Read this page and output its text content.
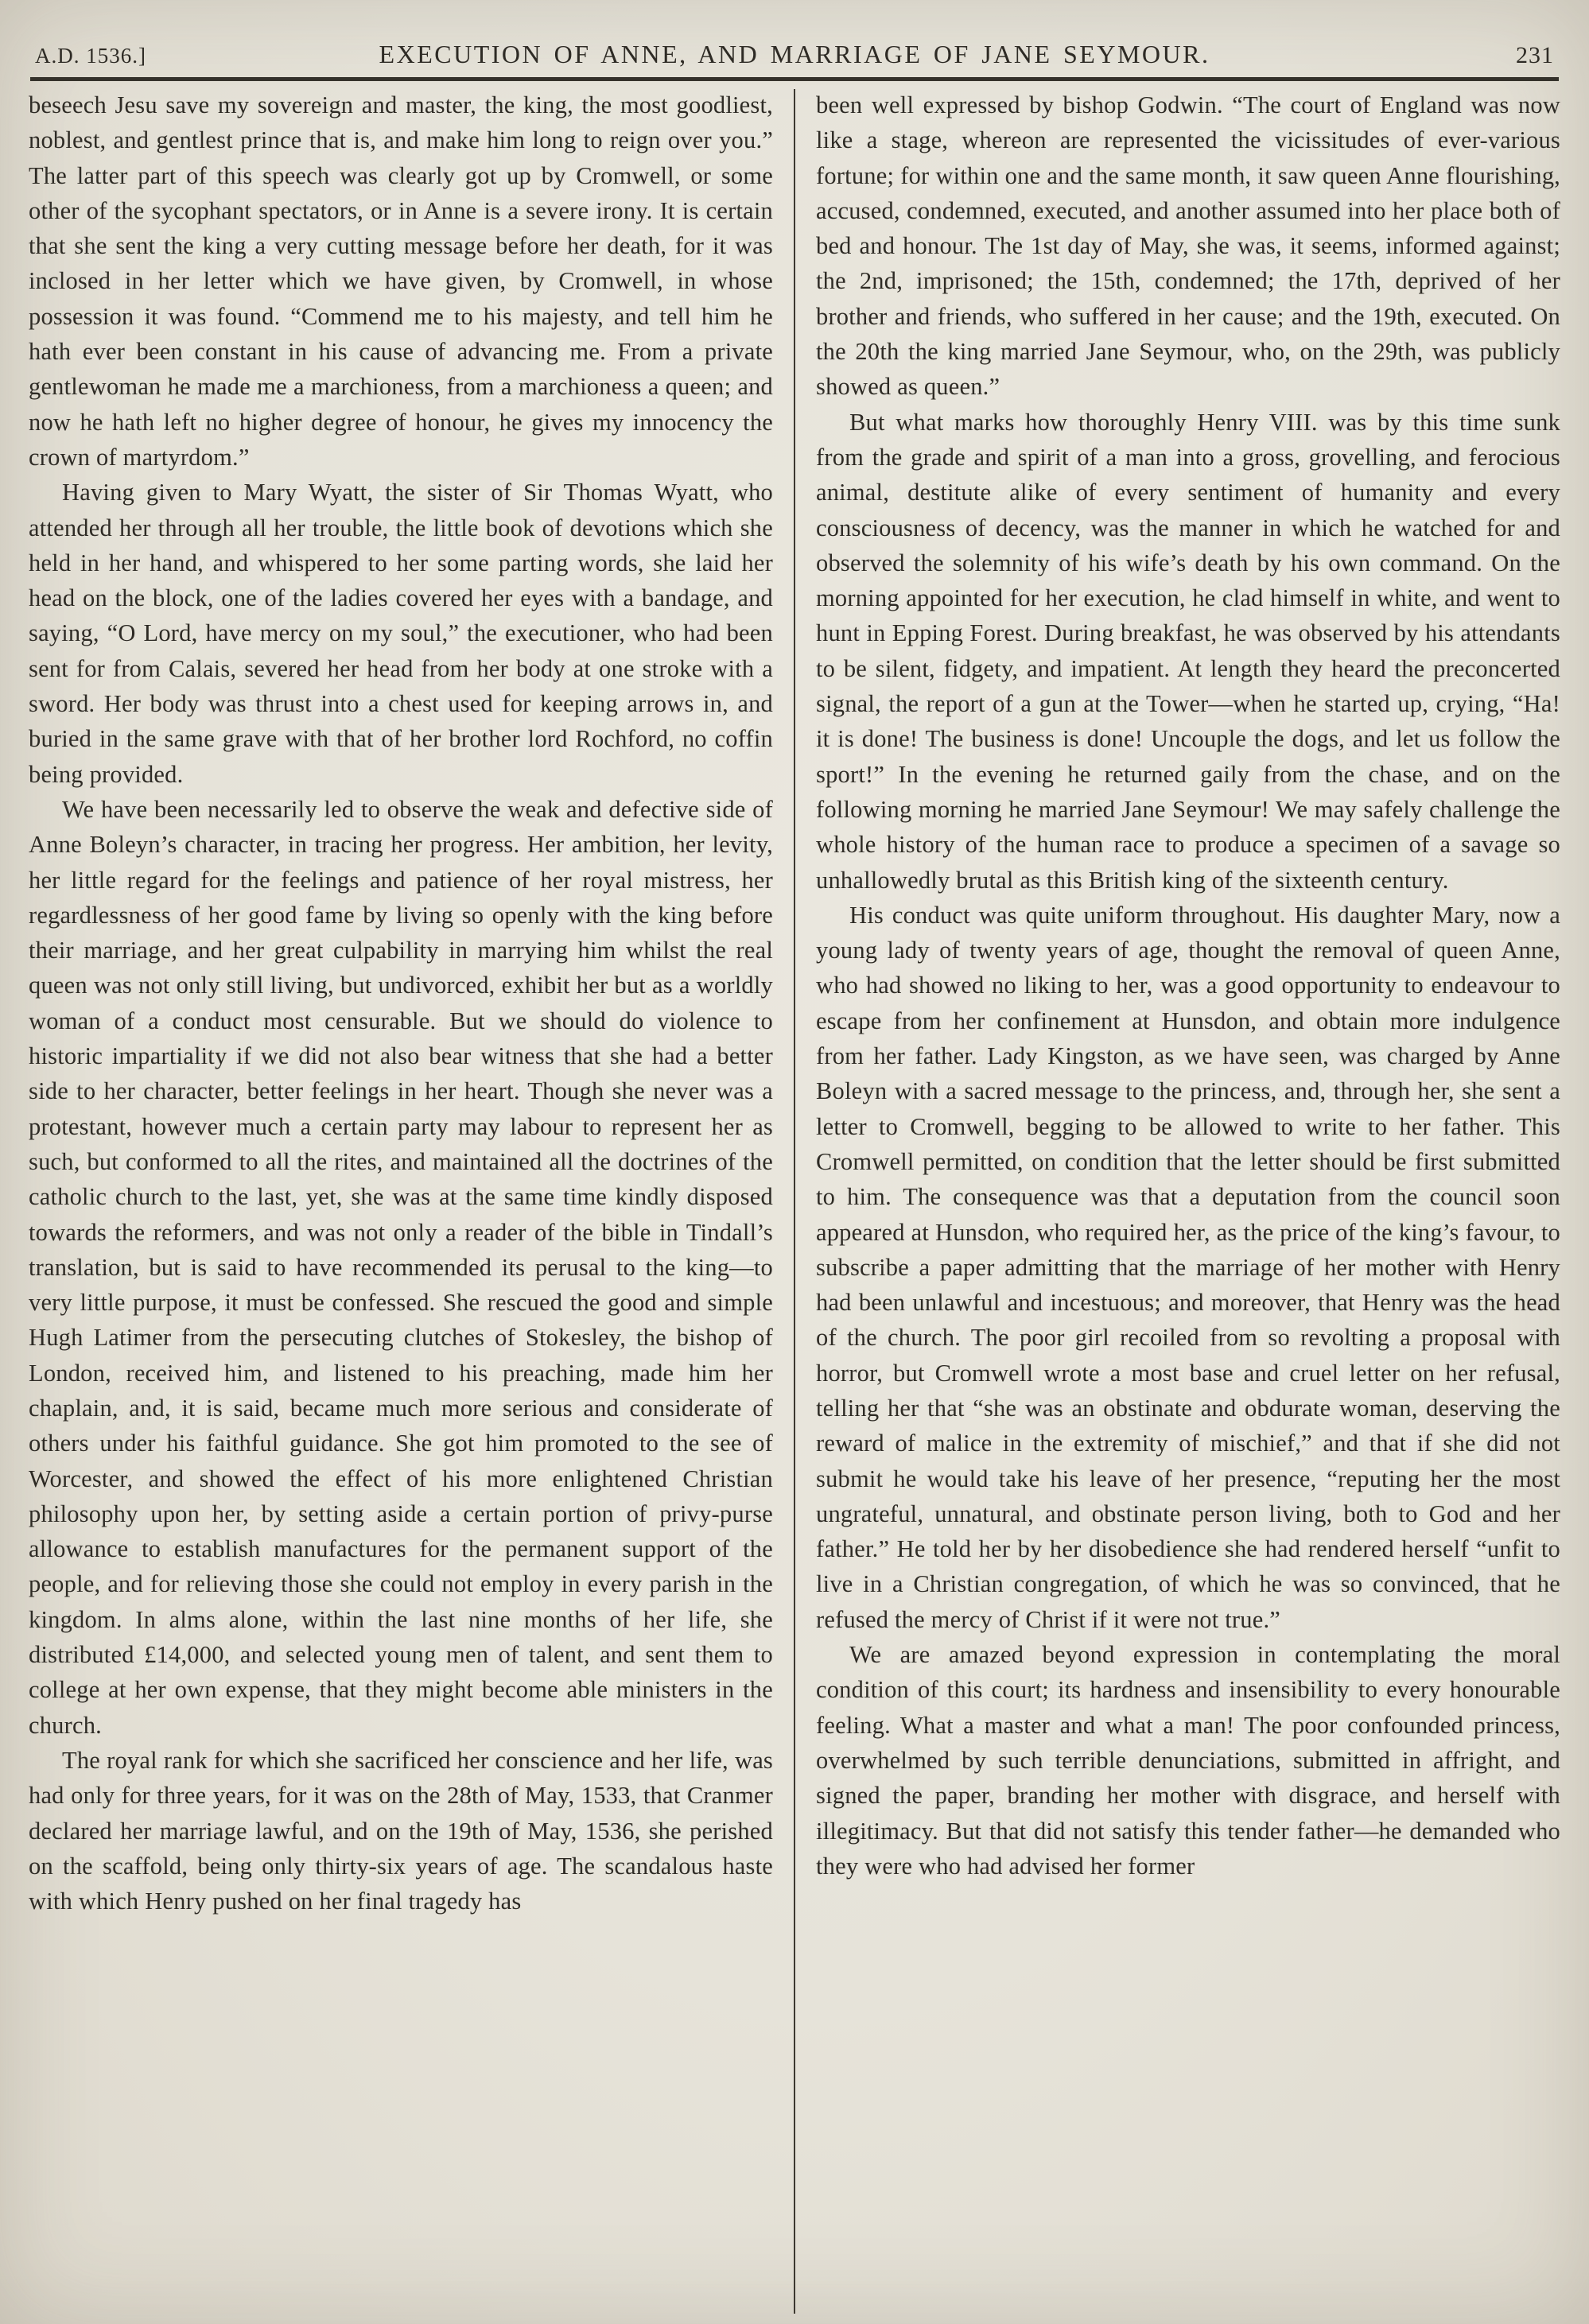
A.D. 1536.]	EXECUTION OF ANNE, AND MARRIAGE OF JANE SEYMOUR.	231

beseech Jesu save my sovereign and master, the king, the most goodliest, noblest, and gentlest prince that is, and make him long to reign over you.” The latter part of this speech was clearly got up by Cromwell, or some other of the sycophant spectators, or in Anne is a severe irony. It is certain that she sent the king a very cutting message before her death, for it was inclosed in her letter which we have given, by Cromwell, in whose possession it was found. “Commend me to his majesty, and tell him he hath ever been constant in his cause of advancing me. From a private gentlewoman he made me a marchioness, from a marchioness a queen; and now he hath left no higher degree of honour, he gives my innocency the crown of martyrdom.”

Having given to Mary Wyatt, the sister of Sir Thomas Wyatt, who attended her through all her trouble, the little book of devotions which she held in her hand, and whispered to her some parting words, she laid her head on the block, one of the ladies covered her eyes with a bandage, and saying, “O Lord, have mercy on my soul,” the executioner, who had been sent for from Calais, severed her head from her body at one stroke with a sword. Her body was thrust into a chest used for keeping arrows in, and buried in the same grave with that of her brother lord Rochford, no coffin being provided.

We have been necessarily led to observe the weak and defective side of Anne Boleyn’s character, in tracing her progress. Her ambition, her levity, her little regard for the feelings and patience of her royal mistress, her regardlessness of her good fame by living so openly with the king before their marriage, and her great culpability in marrying him whilst the real queen was not only still living, but undivorced, exhibit her but as a worldly woman of a conduct most censurable. But we should do violence to historic impartiality if we did not also bear witness that she had a better side to her character, better feelings in her heart. Though she never was a protestant, however much a certain party may labour to represent her as such, but conformed to all the rites, and maintained all the doctrines of the catholic church to the last, yet, she was at the same time kindly disposed towards the reformers, and was not only a reader of the bible in Tindall’s translation, but is said to have recommended its perusal to the king—to very little purpose, it must be confessed. She rescued the good and simple Hugh Latimer from the persecuting clutches of Stokesley, the bishop of London, received him, and listened to his preaching, made him her chaplain, and, it is said, became much more serious and considerate of others under his faithful guidance. She got him promoted to the see of Worcester, and showed the effect of his more enlightened Christian philosophy upon her, by setting aside a certain portion of privy-purse allowance to establish manufactures for the permanent support of the people, and for relieving those she could not employ in every parish in the kingdom. In alms alone, within the last nine months of her life, she distributed £14,000, and selected young men of talent, and sent them to college at her own expense, that they might become able ministers in the church.

The royal rank for which she sacrificed her conscience and her life, was had only for three years, for it was on the 28th of May, 1533, that Cranmer declared her marriage lawful, and on the 19th of May, 1536, she perished on the scaffold, being only thirty-six years of age. The scandalous haste with which Henry pushed on her final tragedy has

been well expressed by bishop Godwin. “The court of England was now like a stage, whereon are represented the vicissitudes of ever-various fortune; for within one and the same month, it saw queen Anne flourishing, accused, condemned, executed, and another assumed into her place both of bed and honour. The 1st day of May, she was, it seems, informed against; the 2nd, imprisoned; the 15th, condemned; the 17th, deprived of her brother and friends, who suffered in her cause; and the 19th, executed. On the 20th the king married Jane Seymour, who, on the 29th, was publicly showed as queen.”

But what marks how thoroughly Henry VIII. was by this time sunk from the grade and spirit of a man into a gross, grovelling, and ferocious animal, destitute alike of every sentiment of humanity and every consciousness of decency, was the manner in which he watched for and observed the solemnity of his wife’s death by his own command. On the morning appointed for her execution, he clad himself in white, and went to hunt in Epping Forest. During breakfast, he was observed by his attendants to be silent, fidgety, and impatient. At length they heard the preconcerted signal, the report of a gun at the Tower—when he started up, crying, “Ha! it is done! The business is done! Uncouple the dogs, and let us follow the sport!” In the evening he returned gaily from the chase, and on the following morning he married Jane Seymour! We may safely challenge the whole history of the human race to produce a specimen of a savage so unhallowedly brutal as this British king of the sixteenth century.

His conduct was quite uniform throughout. His daughter Mary, now a young lady of twenty years of age, thought the removal of queen Anne, who had showed no liking to her, was a good opportunity to endeavour to escape from her confinement at Hunsdon, and obtain more indulgence from her father. Lady Kingston, as we have seen, was charged by Anne Boleyn with a sacred message to the princess, and, through her, she sent a letter to Cromwell, begging to be allowed to write to her father. This Cromwell permitted, on condition that the letter should be first submitted to him. The consequence was that a deputation from the council soon appeared at Hunsdon, who required her, as the price of the king’s favour, to subscribe a paper admitting that the marriage of her mother with Henry had been unlawful and incestuous; and moreover, that Henry was the head of the church. The poor girl recoiled from so revolting a proposal with horror, but Cromwell wrote a most base and cruel letter on her refusal, telling her that “she was an obstinate and obdurate woman, deserving the reward of malice in the extremity of mischief,” and that if she did not submit he would take his leave of her presence, “reputing her the most ungrateful, unnatural, and obstinate person living, both to God and her father.” He told her by her disobedience she had rendered herself “unfit to live in a Christian congregation, of which he was so convinced, that he refused the mercy of Christ if it were not true.”

We are amazed beyond expression in contemplating the moral condition of this court; its hardness and insensibility to every honourable feeling. What a master and what a man! The poor confounded princess, overwhelmed by such terrible denunciations, submitted in affright, and signed the paper, branding her mother with disgrace, and herself with illegitimacy. But that did not satisfy this tender father—he demanded who they were who had advised her former
